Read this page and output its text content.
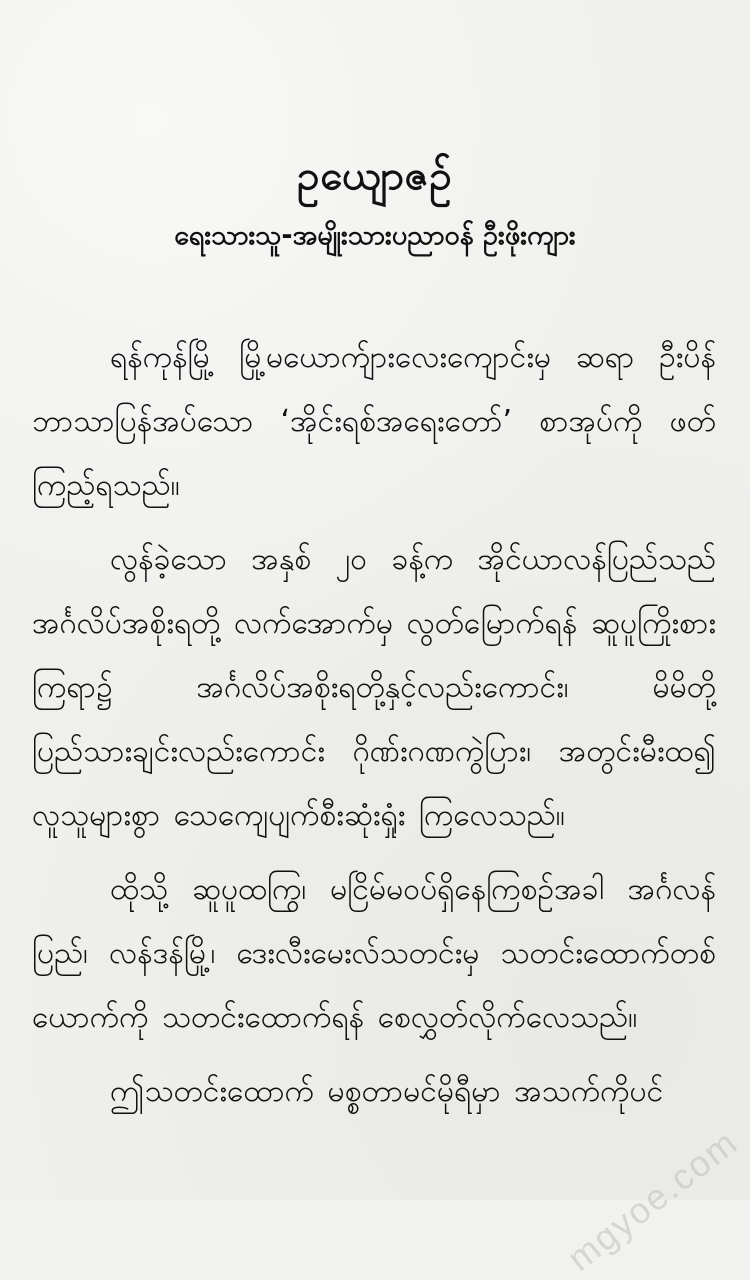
ဥယျောဇဥ်
ရေးသားသူ-အမျိုးသားပညာဝန် ဦးဖိုးကျား

ရန်ကုန်မြို့ မြို့မယောက်ျားလေးကျောင်းမှ ဆရာ ဦးပိန်ဘာသာပြန်အပ်သော ‘အိုင်းရစ်အရေးတော်’ စာအုပ်ကို ဖတ်ကြည့်ရသည်။

လွန်ခဲ့သော အနှစ် ၂၀ ခန့်က အိုင်ယာလန်ပြည်သည် အင်္ဂလိပ်အစိုးရတို့ လက်အောက်မှ လွတ်မြောက်ရန် ဆူပူကြိုးစားကြရာ၌ အင်္ဂလိပ်အစိုးရတို့နှင့်လည်းကောင်း၊ မိမိတို့ပြည်သားချင်းလည်းကောင်း ဂိုဏ်းဂဏကွဲပြား၊ အတွင်းမီးထ၍ လူသူများစွာ သေကျေပျက်စီးဆုံးရှုံး ကြလေသည်။

ထိုသို့ ဆူပူထကြွ၊ မငြိမ်မဝပ်ရှိနေကြစဉ်အခါ အင်္ဂလန်ပြည်၊ လန်ဒန်မြို့၊ ဒေးလီးမေးလ်သတင်းမှ သတင်းထောက်တစ်ယောက်ကို သတင်းထောက်ရန် စေလွှတ်လိုက်လေသည်။

ဤသတင်းထောက် မစ္စတာမင်မိုရီမှာ အသက်ကိုပင်

mgyoe.com
